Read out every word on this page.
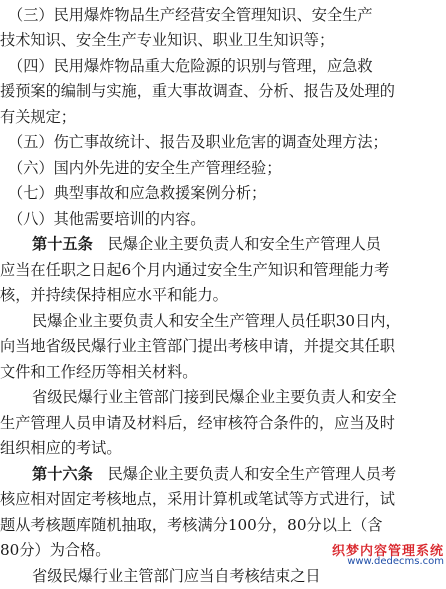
（三）民用爆炸物品生产经营安全管理知识、安全生产
技术知识、安全生产专业知识、职业卫生知识等；
（四）民用爆炸物品重大危险源的识别与管理，应急救
援预案的编制与实施，重大事故调查、分析、报告及处理的
有关规定；
（五）伤亡事故统计、报告及职业危害的调查处理方法；
（六）国内外先进的安全生产管理经验；
（七）典型事故和应急救援案例分析；
（八）其他需要培训的内容。
第十五条 民爆企业主要负责人和安全生产管理人员
应当在任职之日起6个月内通过安全生产知识和管理能力考
核，并持续保持相应水平和能力。
民爆企业主要负责人和安全生产管理人员任职30日内，
向当地省级民爆行业主管部门提出考核申请，并提交其任职
文件和工作经历等相关材料。
省级民爆行业主管部门接到民爆企业主要负责人和安全
生产管理人员申请及材料后，经审核符合条件的，应当及时
组织相应的考试。
第十六条 民爆企业主要负责人和安全生产管理人员考
核应相对固定考核地点，采用计算机或笔试等方式进行，试
题从考核题库随机抽取，考核满分100分，80分以上（含
80分）为合格。
省级民爆行业主管部门应当自考核结束之日
织梦内容管理系统
www.dedecms.com
